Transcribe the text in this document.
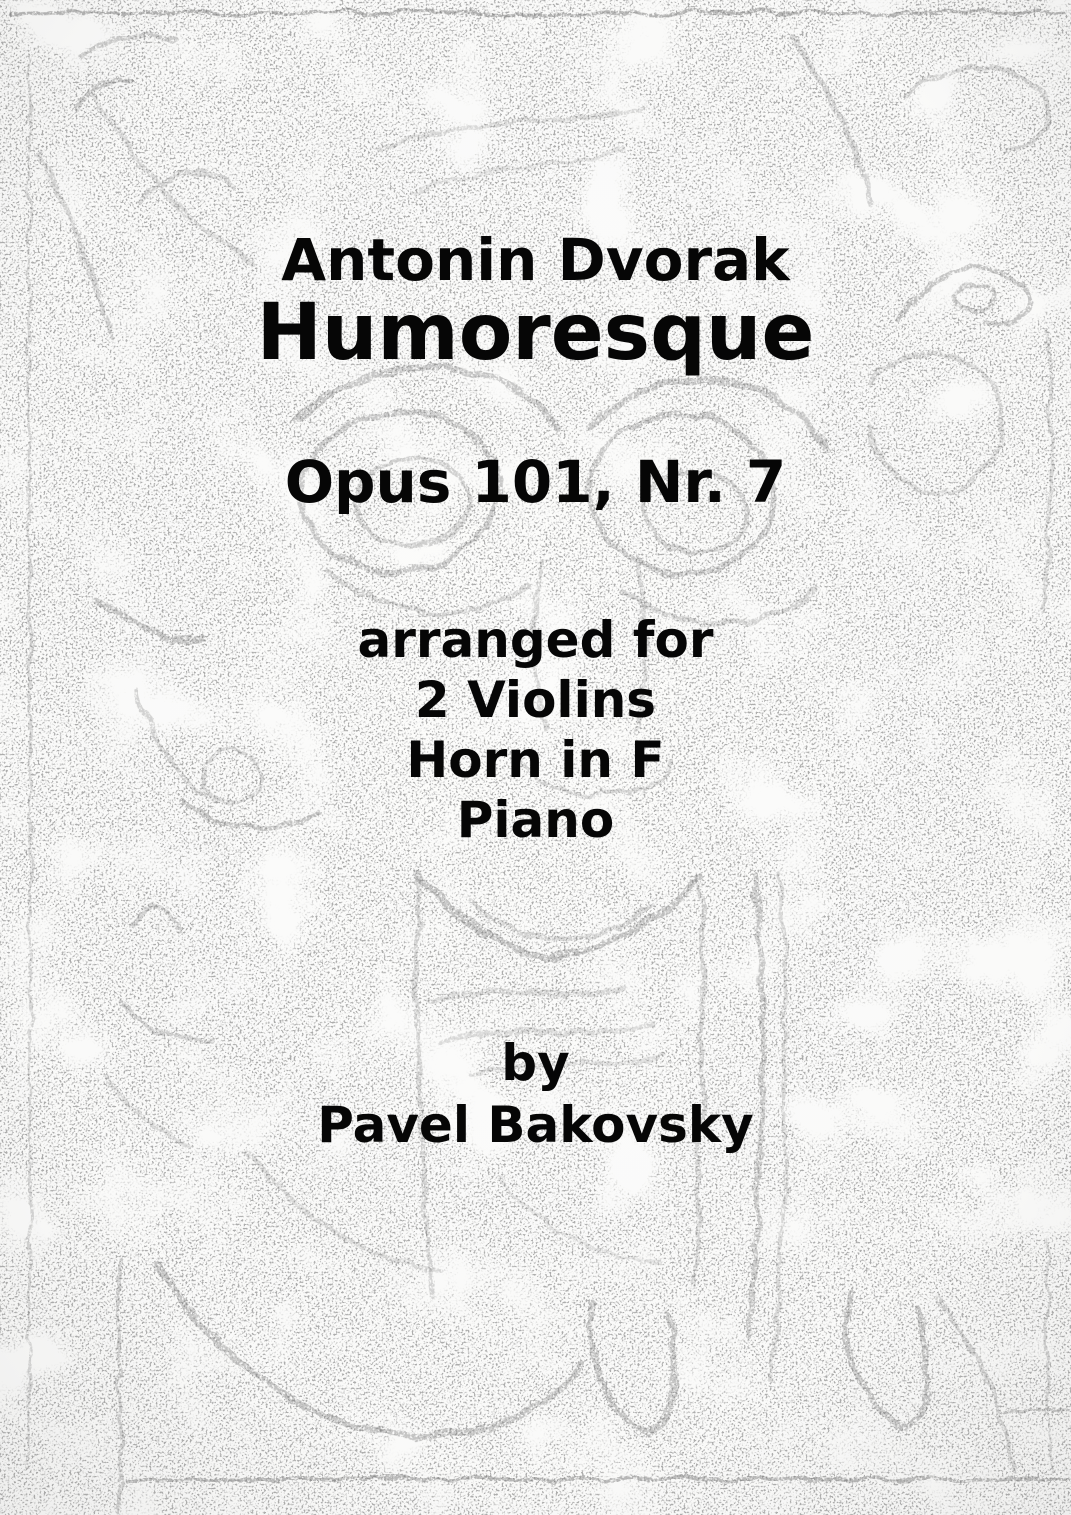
Antonin Dvorak
Humoresque
Opus 101, Nr. 7
arranged for
2 Violins
Horn in F
Piano
by
Pavel Bakovsky
